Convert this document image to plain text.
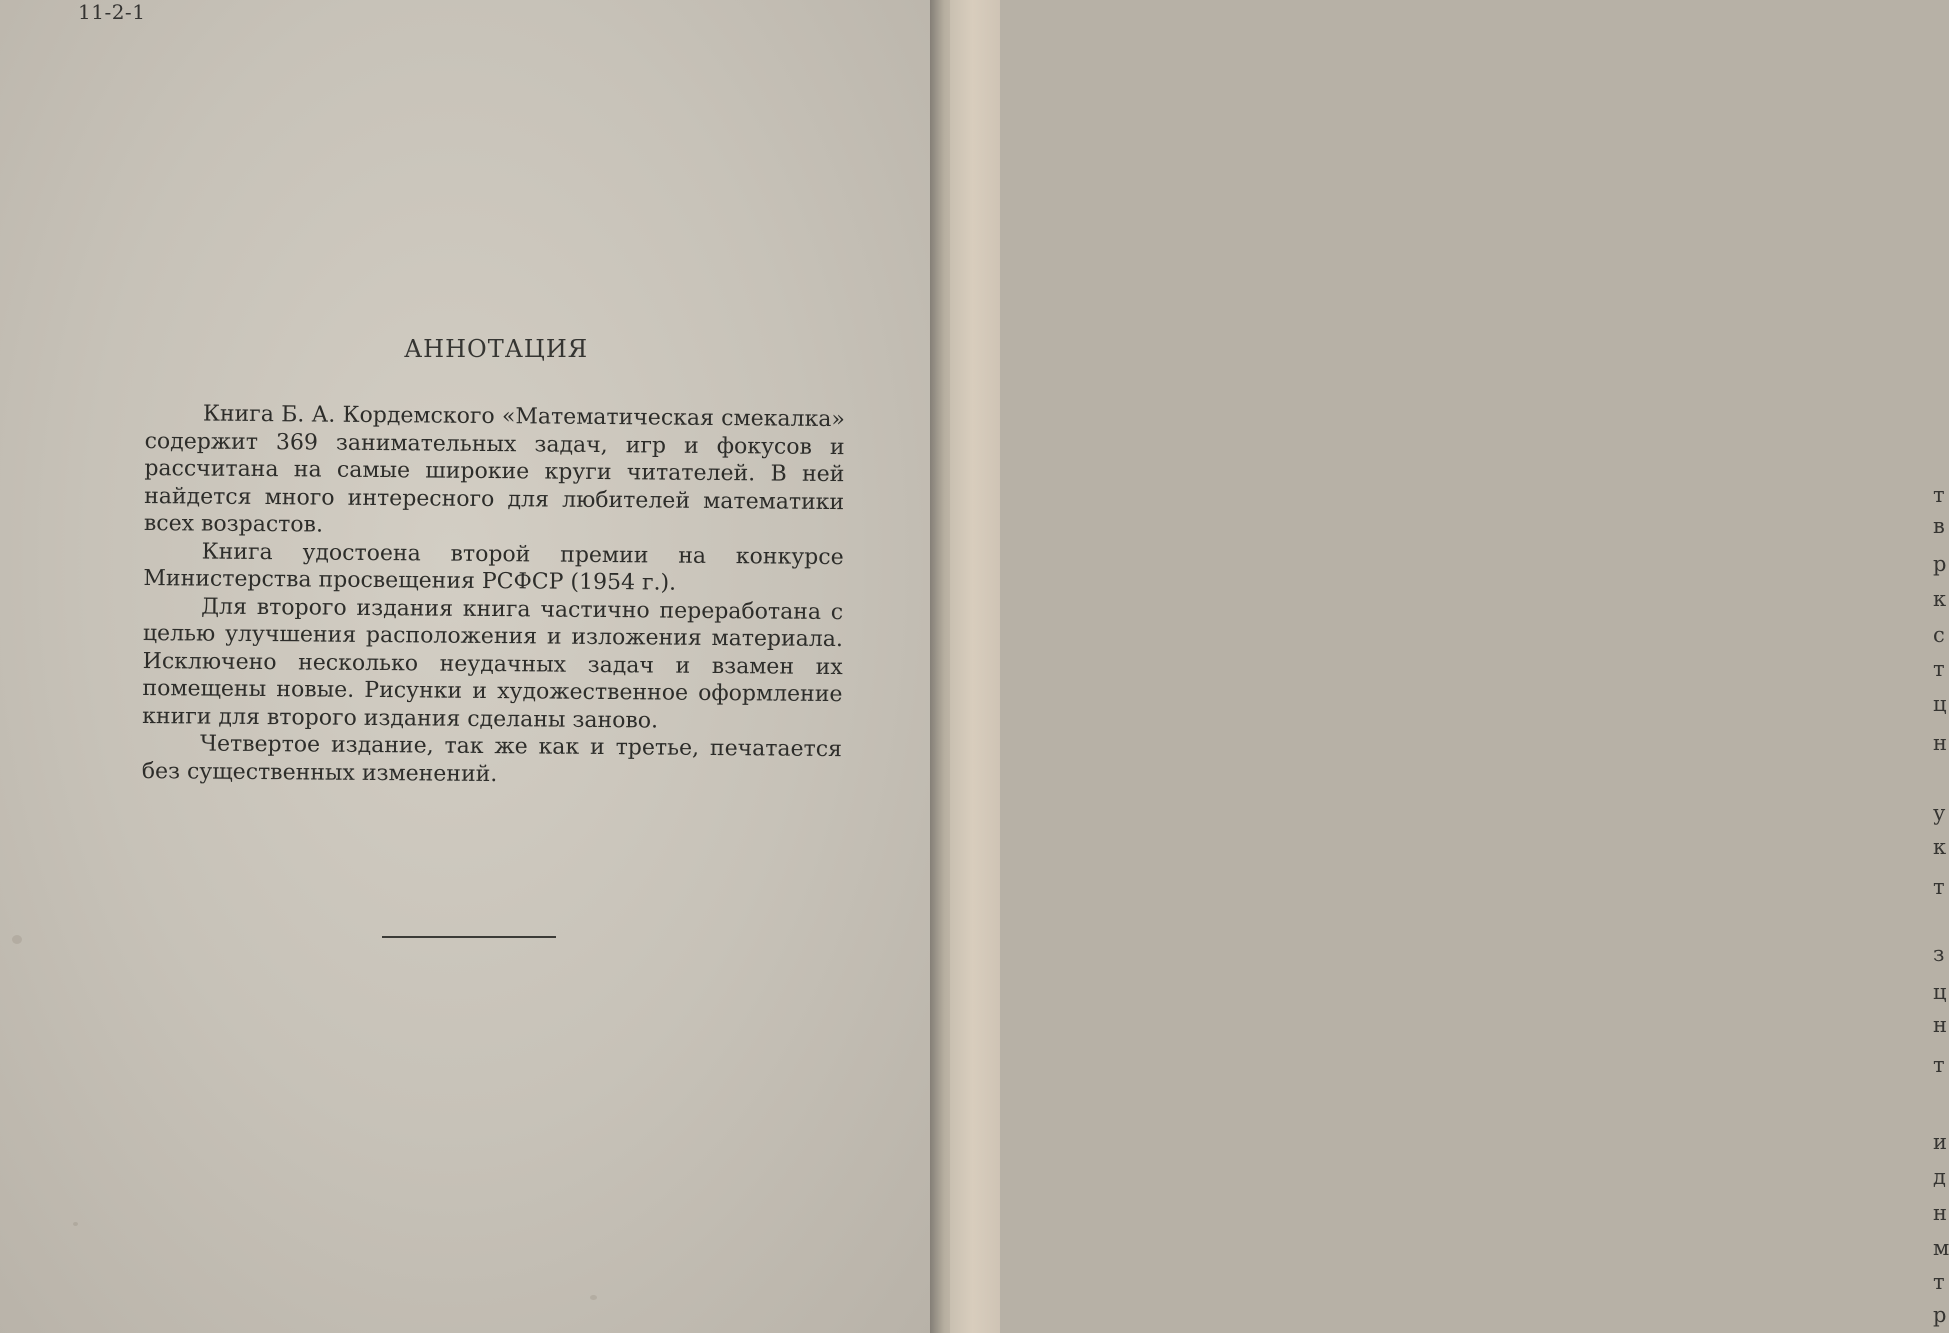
11-2-1
АННОТАЦИЯ

Книга Б. А. Кордемского «Математическая смекалка» содержит 369 занимательных задач, игр и фокусов и рассчитана на самые широкие круги читателей. В ней найдется много интересного для любителей математики всех возрастов.

Книга удостоена второй премии на конкурсе Министерства просвещения РСФСР (1954 г.).

Для второго издания книга частично переработана с целью улучшения расположения и изложения материала. Исключено несколько неудачных задач и взамен их помещены новые. Рисунки и художественное оформление книги для второго издания сделаны заново.

Четвертое издание, так же как и третье, печатается без существенных изменений.

т
в
р
к
с
т
ц
н
у
к
т
з
ц
н
т
и
д
н
м
т
р
